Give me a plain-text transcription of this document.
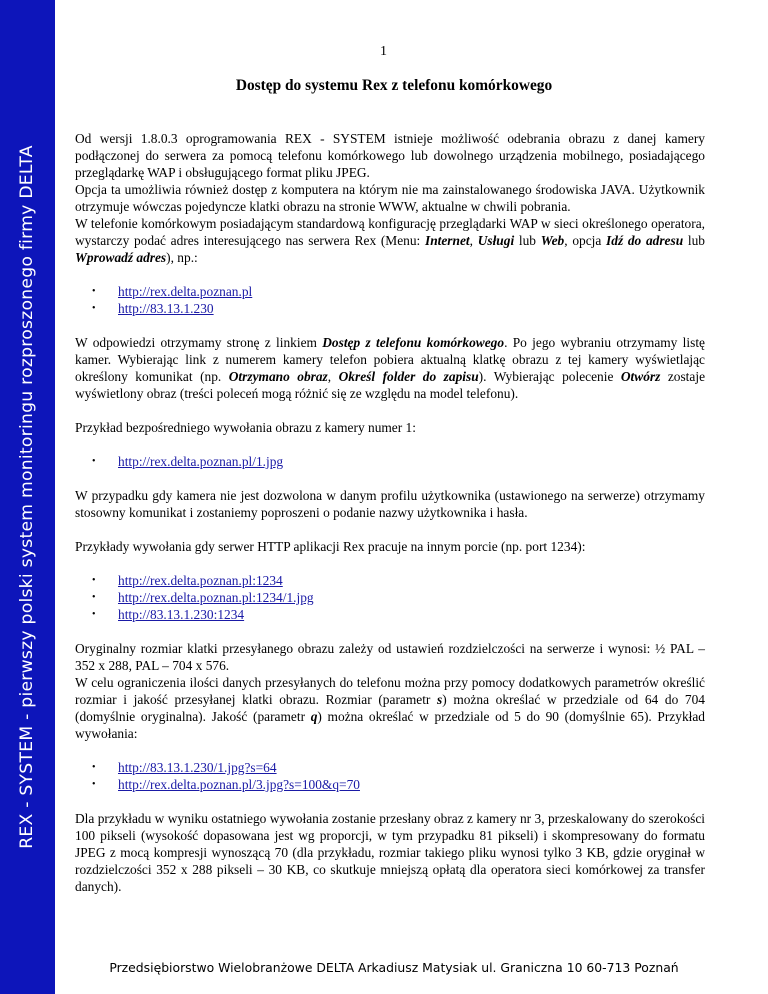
REX - SYSTEM - pierwszy polski system monitoringu rozproszonego firmy DELTA
1
Dostęp do systemu Rex z telefonu komórkowego

Od wersji 1.8.0.3 oprogramowania REX - SYSTEM istnieje możliwość odebrania obrazu z danej kamery podłączonej do serwera za pomocą telefonu komórkowego lub dowolnego urządzenia mobilnego, posiadającego przeglądarkę WAP i obsługującego format pliku JPEG.
Opcja ta umożliwia również dostęp z komputera na którym nie ma zainstalowanego środowiska JAVA. Użytkownik otrzymuje wówczas pojedyncze klatki obrazu na stronie WWW, aktualne w chwili pobrania.
W telefonie komórkowym posiadającym standardową konfigurację przeglądarki WAP w sieci określonego operatora, wystarczy podać adres interesującego nas serwera Rex (Menu: Internet, Usługi lub Web, opcja Idź do adresu lub Wprowadź adres), np.:

• http://rex.delta.poznan.pl
• http://83.13.1.230

W odpowiedzi otrzymamy stronę z linkiem Dostęp z telefonu komórkowego. Po jego wybraniu otrzymamy listę kamer. Wybierając link z numerem kamery telefon pobiera aktualną klatkę obrazu z tej kamery wyświetlając określony komunikat (np. Otrzymano obraz, Określ folder do zapisu). Wybierając polecenie Otwórz zostaje wyświetlony obraz (treści poleceń mogą różnić się ze względu na model telefonu).

Przykład bezpośredniego wywołania obrazu z kamery numer 1:

• http://rex.delta.poznan.pl/1.jpg

W przypadku gdy kamera nie jest dozwolona w danym profilu użytkownika (ustawionego na serwerze) otrzymamy stosowny komunikat i zostaniemy poproszeni o podanie nazwy użytkownika i hasła.

Przykłady wywołania gdy serwer HTTP aplikacji Rex pracuje na innym porcie (np. port 1234):

• http://rex.delta.poznan.pl:1234
• http://rex.delta.poznan.pl:1234/1.jpg
• http://83.13.1.230:1234

Oryginalny rozmiar klatki przesyłanego obrazu zależy od ustawień rozdzielczości na serwerze i wynosi: ½ PAL – 352 x 288, PAL – 704 x 576.
W celu ograniczenia ilości danych przesyłanych do telefonu można przy pomocy dodatkowych parametrów określić rozmiar i jakość przesyłanej klatki obrazu. Rozmiar (parametr s) można określać w przedziale od 64 do 704 (domyślnie oryginalna). Jakość (parametr q) można określać w przedziale od 5 do 90 (domyślnie 65). Przykład wywołania:

• http://83.13.1.230/1.jpg?s=64
• http://rex.delta.poznan.pl/3.jpg?s=100&q=70

Dla przykładu w wyniku ostatniego wywołania zostanie przesłany obraz z kamery nr 3, przeskalowany do szerokości 100 pikseli (wysokość dopasowana jest wg proporcji, w tym przypadku 81 pikseli) i skompresowany do formatu JPEG z mocą kompresji wynoszącą 70 (dla przykładu, rozmiar takiego pliku wynosi tylko 3 KB, gdzie oryginał w rozdzielczości 352 x 288 pikseli – 30 KB, co skutkuje mniejszą opłatą dla operatora sieci komórkowej za transfer danych).

Przedsiębiorstwo Wielobranżowe DELTA Arkadiusz Matysiak ul. Graniczna 10 60-713 Poznań
